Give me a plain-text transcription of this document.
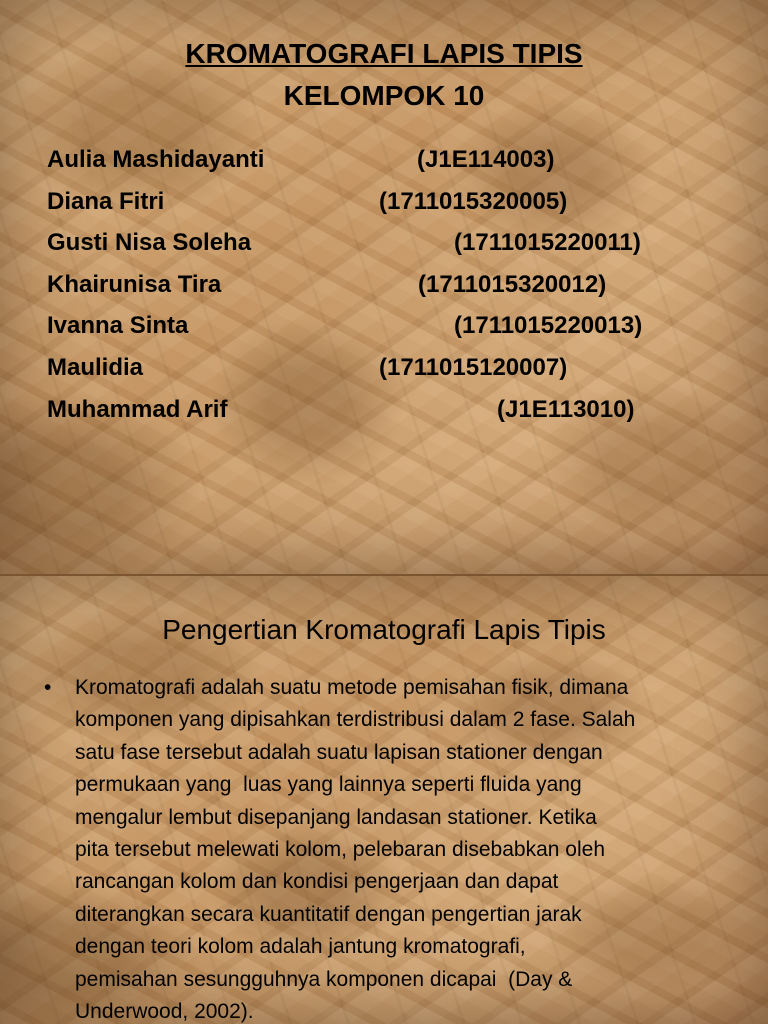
KROMATOGRAFI LAPIS TIPIS
KELOMPOK 10
Aulia Mashidayanti	(J1E114003)
Diana Fitri	(1711015320005)
Gusti Nisa Soleha	(1711015220011)
Khairunisa Tira	(1711015320012)
Ivanna Sinta	(1711015220013)
Maulidia	(1711015120007)
Muhammad Arif	(J1E113010)
Pengertian Kromatografi Lapis Tipis
•	Kromatografi adalah suatu metode pemisahan fisik, dimana
komponen yang dipisahkan terdistribusi dalam 2 fase. Salah
satu fase tersebut adalah suatu lapisan stationer dengan
permukaan yang  luas yang lainnya seperti fluida yang
mengalur lembut disepanjang landasan stationer. Ketika
pita tersebut melewati kolom, pelebaran disebabkan oleh
rancangan kolom dan kondisi pengerjaan dan dapat
diterangkan secara kuantitatif dengan pengertian jarak
dengan teori kolom adalah jantung kromatografi,
pemisahan sesungguhnya komponen dicapai  (Day &
Underwood, 2002).
